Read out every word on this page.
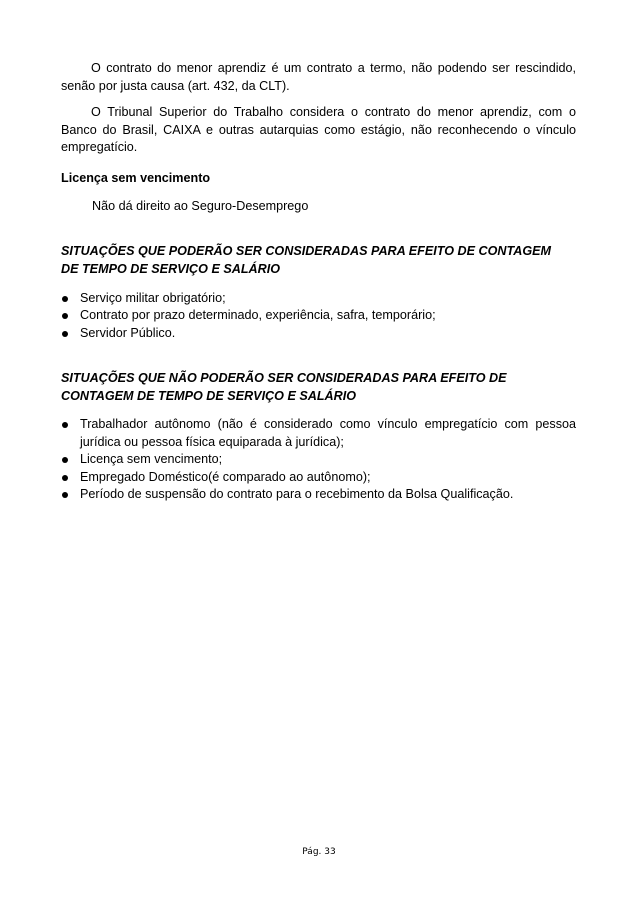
O contrato do menor aprendiz é um contrato a termo, não podendo ser rescindido, senão por justa causa (art. 432, da CLT).

O Tribunal Superior do Trabalho considera o contrato do menor aprendiz, com o Banco do Brasil, CAIXA e outras autarquias como estágio, não reconhecendo o vínculo empregatício.

Licença sem vencimento

Não dá direito ao Seguro-Desemprego

SITUAÇÕES QUE PODERÃO SER CONSIDERADAS PARA EFEITO DE CONTAGEM
DE TEMPO DE SERVIÇO E SALÁRIO
Serviço militar obrigatório;
Contrato por prazo determinado, experiência, safra, temporário;
Servidor Público.
SITUAÇÕES QUE NÃO PODERÃO SER CONSIDERADAS PARA EFEITO DE
CONTAGEM DE TEMPO DE SERVIÇO E SALÁRIO
Trabalhador autônomo (não é considerado como vínculo empregatício com pessoa jurídica ou pessoa física equiparada à jurídica);
Licença sem vencimento;
Empregado Doméstico(é comparado ao autônomo);
Período de suspensão do contrato para o recebimento da Bolsa Qualificação.
Pág. 33
